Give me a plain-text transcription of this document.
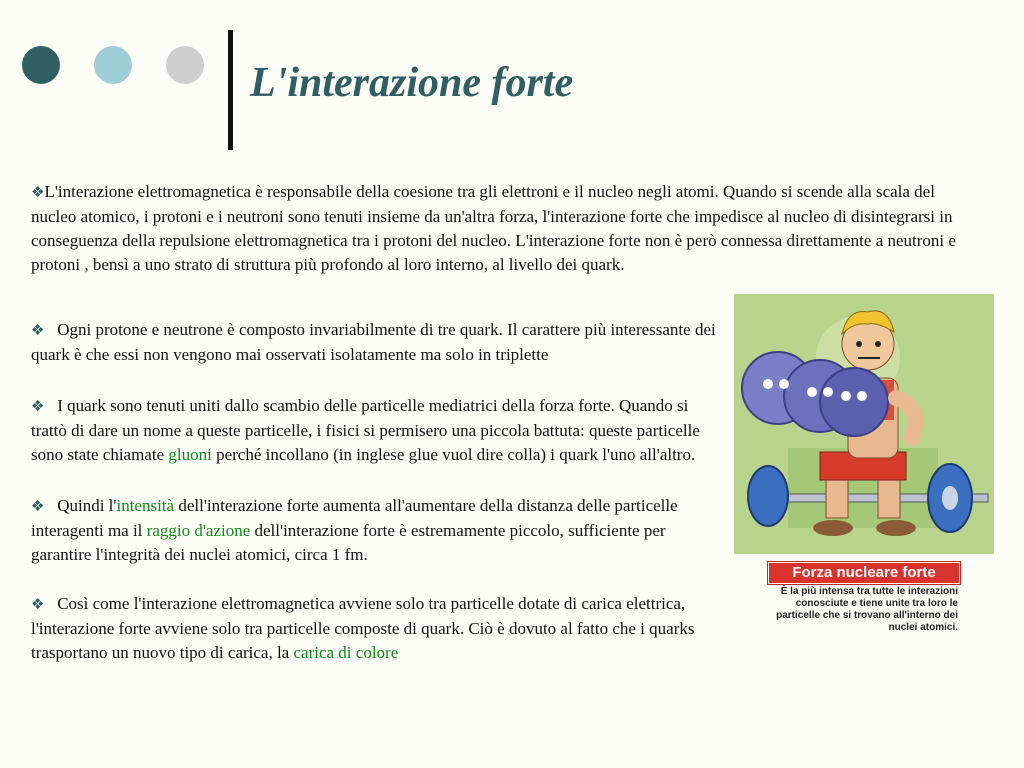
L'interazione forte

❖L'interazione elettromagnetica è responsabile della coesione tra gli elettroni e il nucleo negli atomi. Quando si scende alla scala del nucleo atomico, i protoni e i neutroni sono tenuti insieme da un'altra forza, l'interazione forte che impedisce al nucleo di disintegrarsi in conseguenza della repulsione elettromagnetica tra i protoni del nucleo. L'interazione forte non è però connessa direttamente a neutroni e protoni , bensì a uno strato di struttura più profondo al loro interno, al livello dei quark.

❖ Ogni protone e neutrone è composto invariabilmente di tre quark. Il carattere più interessante dei quark è che essi non vengono mai osservati isolatamente ma solo in triplette

❖ I quark sono tenuti uniti dallo scambio delle particelle mediatrici della forza forte. Quando si trattò di dare un nome a queste particelle, i fisici si permisero una piccola battuta: queste particelle sono state chiamate gluoni perché incollano (in inglese glue vuol dire colla) i quark l'uno all'altro.

❖ Quindi l'intensità dell'interazione forte aumenta all'aumentare della distanza delle particelle interagenti ma il raggio d'azione dell'interazione forte è estremamente piccolo, sufficiente per garantire l'integrità dei nuclei atomici, circa 1 fm.

❖ Così come l'interazione elettromagnetica avviene solo tra particelle dotate di carica elettrica, l'interazione forte avviene solo tra particelle composte di quark. Ciò è dovuto al fatto che i quarks trasportano un nuovo tipo di carica, la carica di colore

Forza nucleare forte
È la più intensa tra tutte le interazioni conosciute e tiene unite tra loro le particelle che si trovano all'interno dei nuclei atomici.
